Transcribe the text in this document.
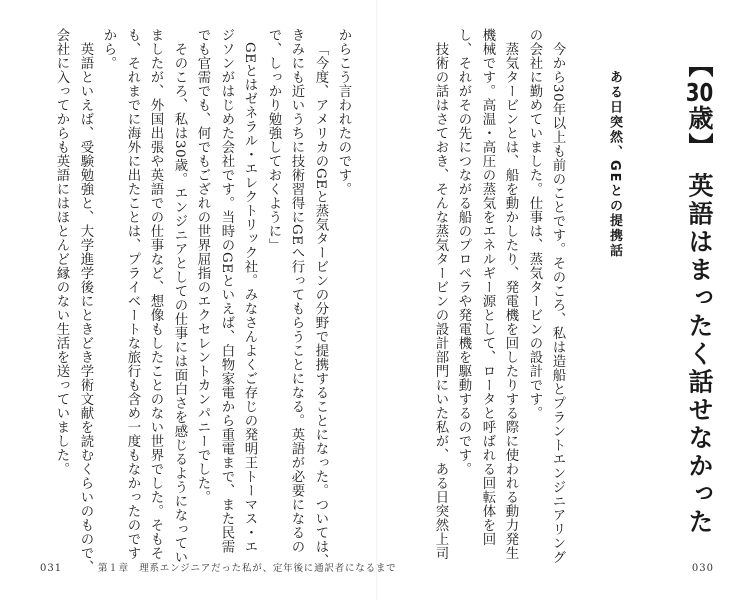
【30歳】 英語はまったく話せなかった
ある日突然、GEとの提携話
今から30年以上も前のことです。そのころ、私は造船とプラントエンジニアリング
の会社に勤めていました。仕事は、蒸気タービンの設計です。
蒸気タービンとは、船を動かしたり、発電機を回したりする際に使われる動力発生
機械です。高温・高圧の蒸気をエネルギー源として、ロータと呼ばれる回転体を回
し、それがその先につながる船のプロペラや発電機を駆動するのです。
技術の話はさておき、そんな蒸気タービンの設計部門にいた私が、ある日突然上司
030
からこう言われたのです。
「今度、アメリカのGEと蒸気タービンの分野で提携することになった。ついては、
きみにも近いうちに技術習得にGEへ行ってもらうことになる。英語が必要になるの
で、しっかり勉強しておくように」
GEとはゼネラル・エレクトリック社。みなさんよくご存じの発明王トーマス・エ
ジソンがはじめた会社です。当時のGEといえば、白物家電から重電まで、また民需
でも官需でも、何でもござれの世界屈指のエクセレントカンパニーでした。
そのころ、私は30歳。エンジニアとしての仕事には面白さを感じるようになってい
ましたが、外国出張や英語での仕事など、想像もしたことのない世界でした。そもそ
も、それまでに海外に出たことは、プライベートな旅行も含め一度もなかったのです
から。
英語といえば、受験勉強と、大学進学後にときどき学術文献を読むくらいのもので、
会社に入ってからも英語にはほとんど縁のない生活を送っていました。
031	第１章　理系エンジニアだった私が、定年後に通訳者になるまで
